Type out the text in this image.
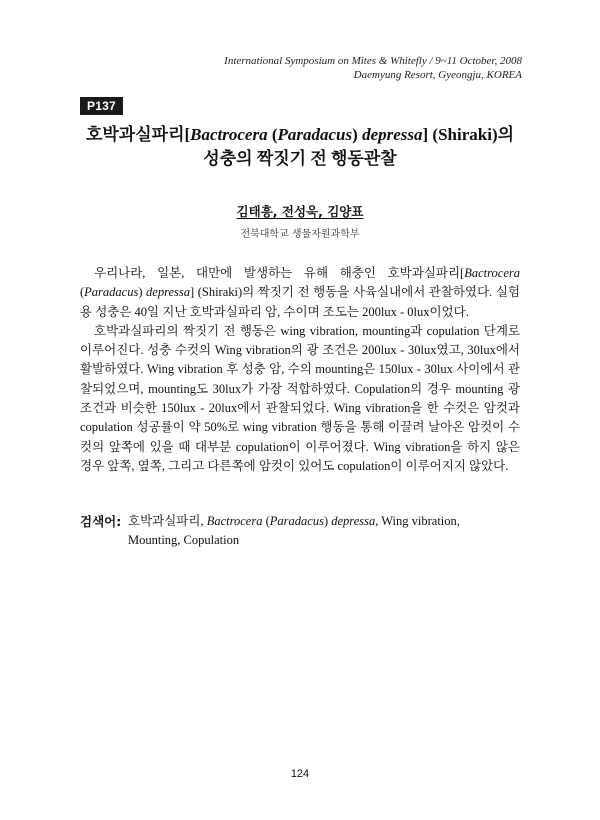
International Symposium on Mites & Whitefly / 9~11 October, 2008
Daemyung Resort, Gyeongju, KOREA
P137
호박과실파리[Bactrocera (Paradacus) depressa] (Shiraki)의
성충의 짝짓기 전 행동관찰
김태흥, 전성욱, 김양표
전북대학교 생물자원과학부

우리나라, 일본, 대만에 발생하는 유해 해충인 호박과실파리[Bactrocera (Paradacus) depressa] (Shiraki)의 짝짓기 전 행동을 사육실내에서 관찰하였다. 실험용 성충은 40일 지난 호박과실파리 암, 수이며 조도는 200lux - 0lux이었다.

호박과실파리의 짝짓기 전 행동은 wing vibration, mounting과 copulation 단계로 이루어진다. 성충 수컷의 Wing vibration의 광 조건은 200lux - 30lux였고, 30lux에서 활발하였다. Wing vibration 후 성충 암, 수의 mounting은 150lux - 30lux 사이에서 관찰되었으며, mounting도 30lux가 가장 적합하였다. Copulation의 경우 mounting 광 조건과 비슷한 150lux - 20lux에서 관찰되었다. Wing vibration을 한 수컷은 암컷과 copulation 성공률이 약 50%로 wing vibration 행동을 통해 이끌려 날아온 암컷이 수컷의 앞쪽에 있을 때 대부분 copulation이 이루어졌다. Wing vibration을 하지 않은 경우 앞쪽, 옆쪽, 그리고 다른쪽에 암컷이 있어도 copulation이 이루어지지 않았다.

검색어: 호박과실파리, Bactrocera (Paradacus) depressa, Wing vibration,
Mounting, Copulation
124
